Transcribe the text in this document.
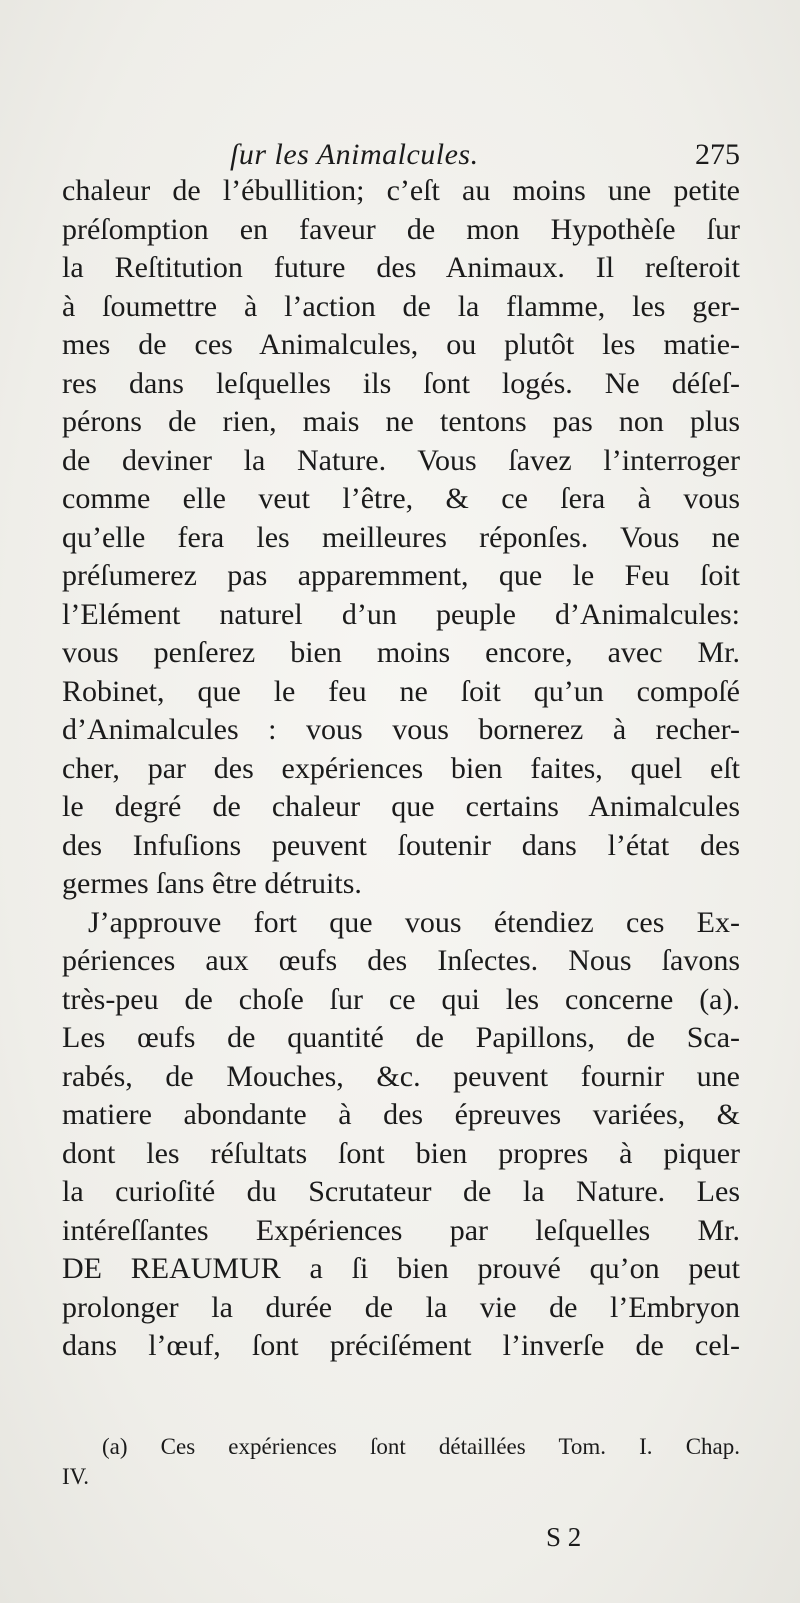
ſur les Animalcules.	275
chaleur de l’ébullition; c’eſt au moins une petite
préſomption en faveur de mon Hypothèſe ſur
la Reſtitution future des Animaux. Il reſteroit
à ſoumettre à l’action de la flamme, les ger-
mes de ces Animalcules, ou plutôt les matie-
res dans leſquelles ils ſont logés. Ne déſeſ-
pérons de rien, mais ne tentons pas non plus
de deviner la Nature. Vous ſavez l’interroger
comme elle veut l’être, & ce ſera à vous
qu’elle fera les meilleures réponſes. Vous ne
préſumerez pas apparemment, que le Feu ſoit
l’Elément naturel d’un peuple d’Animalcules:
vous penſerez bien moins encore, avec Mr.
Robinet, que le feu ne ſoit qu’un compoſé
d’Animalcules : vous vous bornerez à recher-
cher, par des expériences bien faites, quel eſt
le degré de chaleur que certains Animalcules
des Infuſions peuvent ſoutenir dans l’état des
germes ſans être détruits.
J’approuve fort que vous étendiez ces Ex-
périences aux œufs des Inſectes. Nous ſavons
très-peu de choſe ſur ce qui les concerne (a).
Les œufs de quantité de Papillons, de Sca-
rabés, de Mouches, &c. peuvent fournir une
matiere abondante à des épreuves variées, &
dont les réſultats ſont bien propres à piquer
la curioſité du Scrutateur de la Nature. Les
intéreſſantes Expériences par leſquelles Mr.
DE REAUMUR a ſi bien prouvé qu’on peut
prolonger la durée de la vie de l’Embryon
dans l’œuf, ſont préciſément l’inverſe de cel-
(a) Ces expériences ſont détaillées Tom. I. Chap.
IV.
S 2
